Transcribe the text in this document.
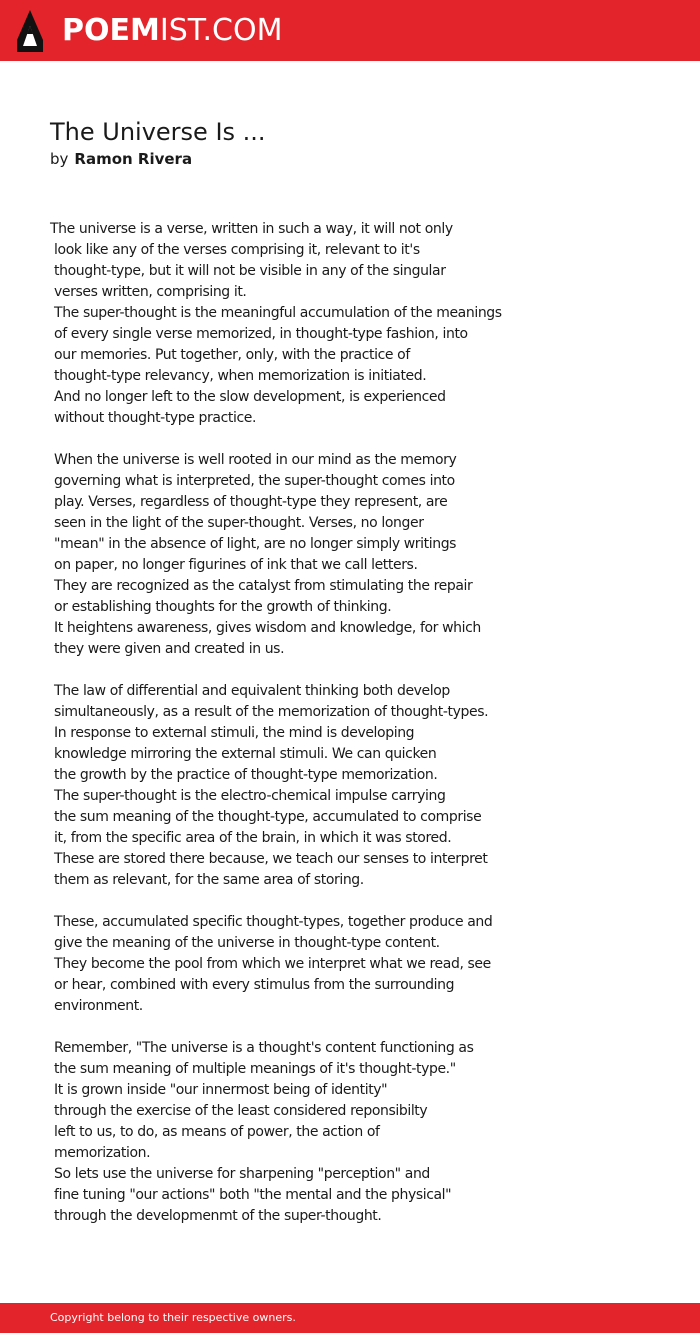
POEMIST.COM
The Universe Is ...
by Ramon Rivera
The universe is a verse, written in such a way, it will not only
look like any of the verses comprising it, relevant to it's
thought-type, but it will not be visible in any of the singular
verses written, comprising it.
The super-thought is the meaningful accumulation of the meanings
of every single verse memorized, in thought-type fashion, into
our memories. Put together, only, with the practice of
thought-type relevancy, when memorization is initiated.
And no longer left to the slow development, is experienced
without thought-type practice.
When the universe is well rooted in our mind as the memory
governing what is interpreted, the super-thought comes into
play. Verses, regardless of thought-type they represent, are
seen in the light of the super-thought. Verses, no longer
"mean" in the absence of light, are no longer simply writings
on paper, no longer figurines of ink that we call letters.
They are recognized as the catalyst from stimulating the repair
or establishing thoughts for the growth of thinking.
It heightens awareness, gives wisdom and knowledge, for which
they were given and created in us.
The law of differential and equivalent thinking both develop
simultaneously, as a result of the memorization of thought-types.
In response to external stimuli, the mind is developing
knowledge mirroring the external stimuli. We can quicken
the growth by the practice of thought-type memorization.
The super-thought is the electro-chemical impulse carrying
the sum meaning of the thought-type, accumulated to comprise
it, from the specific area of the brain, in which it was stored.
These are stored there because, we teach our senses to interpret
them as relevant, for the same area of storing.
These, accumulated specific thought-types, together produce and
give the meaning of the universe in thought-type content.
They become the pool from which we interpret what we read, see
or hear, combined with every stimulus from the surrounding
environment.
Remember, "The universe is a thought's content functioning as
the sum meaning of multiple meanings of it's thought-type."
It is grown inside "our innermost being of identity"
through the exercise of the least considered reponsibilty
left to us, to do, as means of power, the action of
memorization.
So lets use the universe for sharpening "perception" and
fine tuning "our actions" both "the mental and the physical"
through the developmenmt of the super-thought.
Copyright belong to their respective owners.
